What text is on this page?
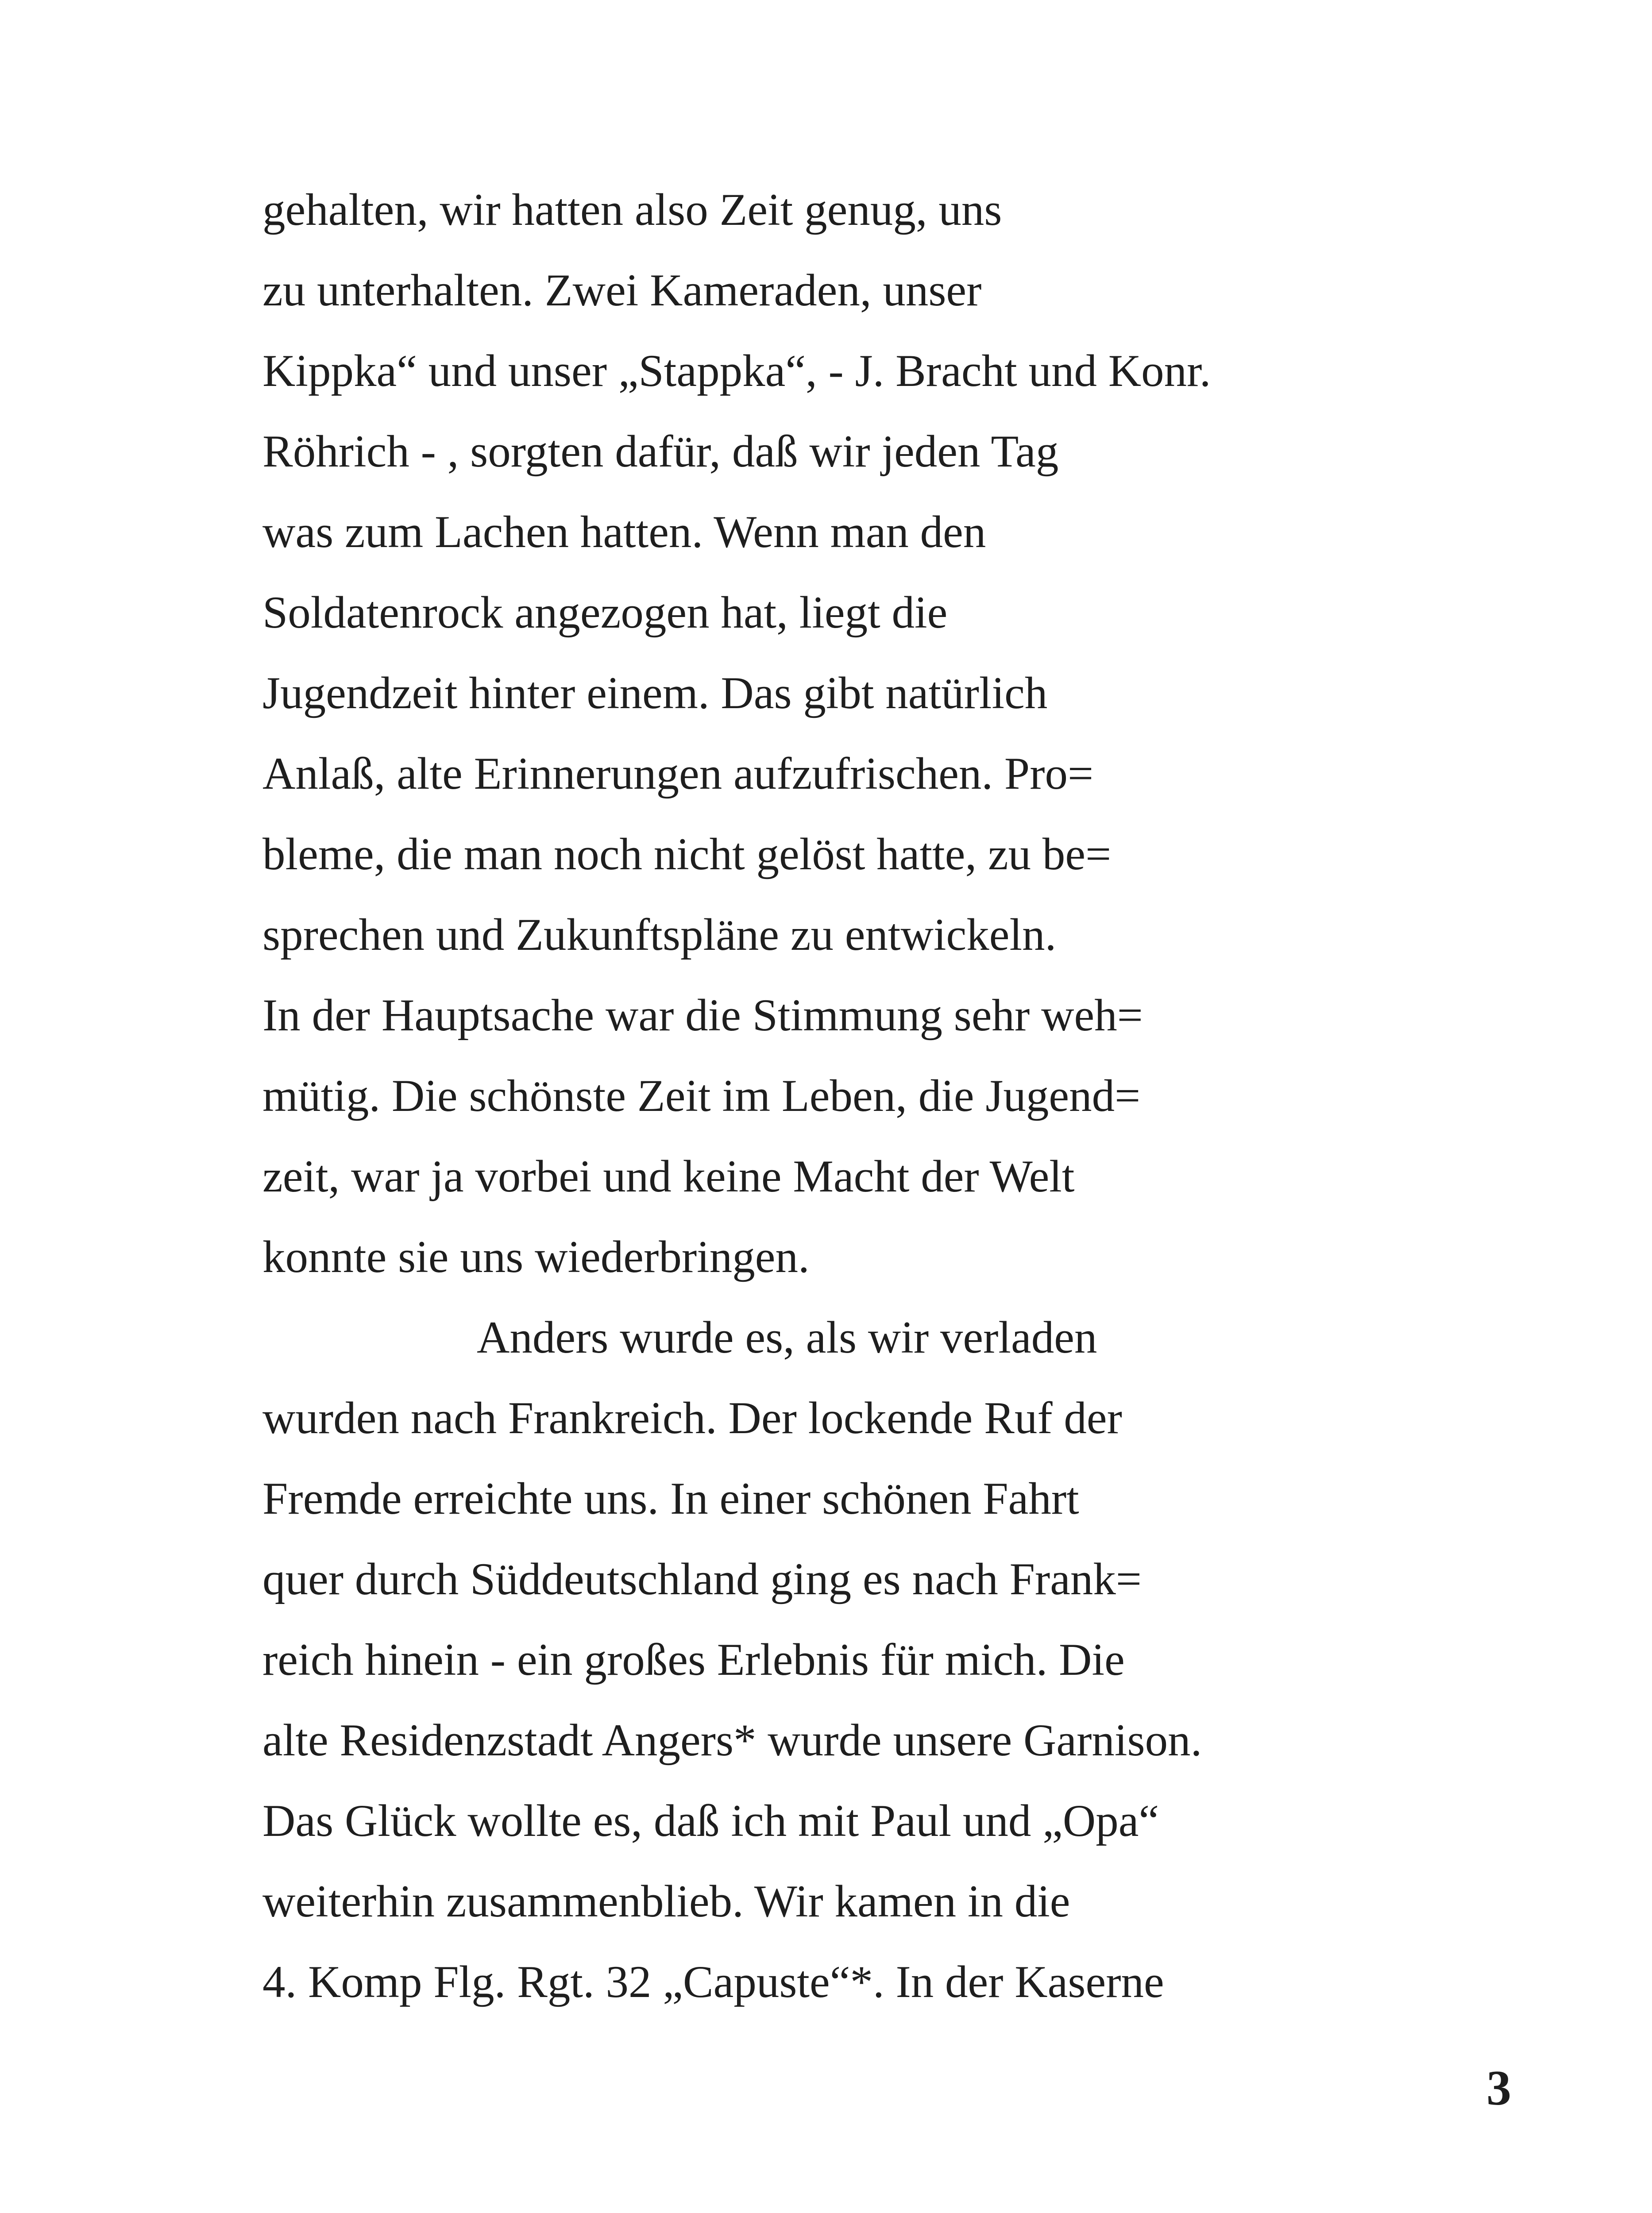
gehalten, wir hatten also Zeit genug, uns

zu unterhalten. Zwei Kameraden, unser

Kippka“ und unser „Stappka“, - J. Bracht und Konr.

Röhrich - , sorgten dafür, daß wir jeden Tag

was zum Lachen hatten. Wenn man den

Soldatenrock angezogen hat, liegt die

Jugendzeit hinter einem. Das gibt natürlich

Anlaß, alte Erinnerungen aufzufrischen. Pro=

bleme, die man noch nicht gelöst hatte, zu be=

sprechen und Zukunftspläne zu entwickeln.

In der Hauptsache war die Stimmung sehr weh=

mütig. Die schönste Zeit im Leben, die Jugend=

zeit, war ja vorbei und keine Macht der Welt

konnte sie uns wiederbringen.

Anders wurde es, als wir verladen

wurden nach Frankreich. Der lockende Ruf der

Fremde erreichte uns. In einer schönen Fahrt

quer durch Süddeutschland ging es nach Frank=

reich hinein - ein großes Erlebnis für mich. Die

alte Residenzstadt Angers* wurde unsere Garnison.

Das Glück wollte es, daß ich mit Paul und „Opa“

weiterhin zusammenblieb. Wir kamen in die

4. Komp Flg. Rgt. 32 „Capuste“*. In der Kaserne

3
